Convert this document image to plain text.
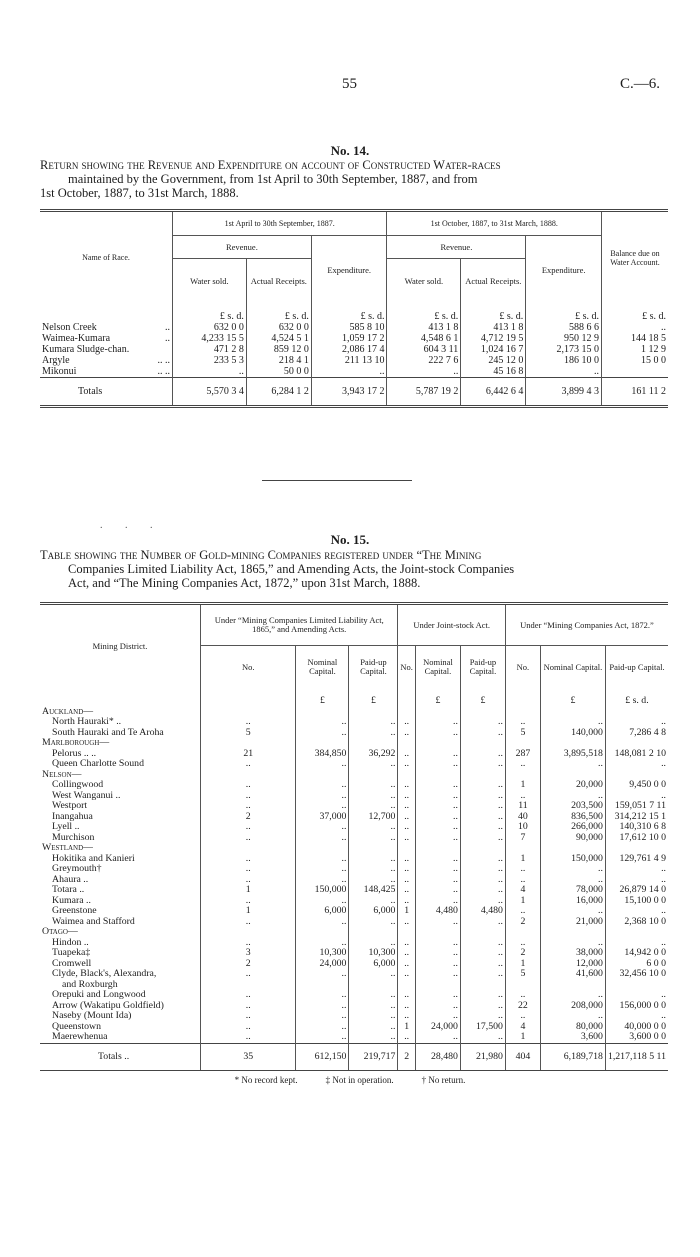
55	C.—6.
No. 14.
Return showing the Revenue and Expenditure on account of Constructed Water-races
maintained by the Government, from 1st April to 30th September, 1887, and from
1st October, 1887, to 31st March, 1888.
Name of Race.	1st April to 30th September, 1887.			1st October, 1887, to 31st March, 1888.			Balance due on Water Account.
	Revenue.		Expenditure.	Revenue.		Expenditure.	
	Water sold.	Actual Receipts.		Water sold.	Actual Receipts.		
	£ s. d.	£ s. d.	£ s. d.	£ s. d.	£ s. d.	£ s. d.	£ s. d.
Nelson Creek ..	632 0 0	632 0 0	585 8 10	413 1 8	413 1 8	588 6 6	..
Waimea-Kumara ..	4,233 15 5	4,524 5 1	1,059 17 2	4,548 6 1	4,712 19 5	950 12 9	144 18 5
Kumara Sludge-chan.	471 2 8	859 12 0	2,086 17 4	604 3 11	1,024 16 7	2,173 15 0	1 12 9
Argyle .. ..	233 5 3	218 4 1	211 13 10	222 7 6	245 12 0	186 10 0	15 0 0
Mikonui .. ..	..	50 0 0	..	..	45 16 8	..	
Totals	5,570 3 4	6,284 1 2	3,943 17 2	5,787 19 2	6,442 6 4	3,899 4 3	161 11 2
. . .
No. 15.
Table showing the Number of Gold-mining Companies registered under “The Mining
Companies Limited Liability Act, 1865,” and Amending Acts, the Joint-stock Companies
Act, and “The Mining Companies Act, 1872,” upon 31st March, 1888.
Mining District.	Under “Mining Companies Limited Liability Act, 1865,” and Amending Acts.			Under Joint-stock Act.			Under “Mining Companies Act, 1872.”		
	No.	Nominal Capital.	Paid-up Capital.	No.	Nominal Capital.	Paid-up Capital.	No.	Nominal Capital.	Paid-up Capital.
		£	£		£	£		£	£ s. d.
Auckland—									
North Hauraki* ..	..	..	..	..	..	..	..	..	..
South Hauraki and Te Aroha	5	..	..	..	..	..	5	140,000	7,286 4 8
Marlborough—									
Pelorus .. ..	21	384,850	36,292	..	..	..	287	3,895,518	148,081 2 10
Queen Charlotte Sound	..	..	..	..	..	..	..	..	..
Nelson—									
Collingwood	..	..	..	..	..	..	1	20,000	9,450 0 0
West Wanganui ..	..	..	..	..	..	..	..	..	..
Westport	..	..	..	..	..	..	11	203,500	159,051 7 11
Inangahua	2	37,000	12,700	..	..	..	40	836,500	314,212 15 1
Lyell ..	..	..	..	..	..	..	10	266,000	140,310 6 8
Murchison	..	..	..	..	..	..	7	90,000	17,612 10 0
Westland—									
Hokitika and Kanieri	..	..	..	..	..	..	1	150,000	129,761 4 9
Greymouth†	..	..	..	..	..	..	..	..	..
Ahaura ..	..	..	..	..	..	..	..	..	..
Totara ..	1	150,000	148,425	..	..	..	4	78,000	26,879 14 0
Kumara ..	..	..	..	..	..	..	1	16,000	15,100 0 0
Greenstone	1	6,000	6,000	1	4,480	4,480	..	..	..
Waimea and Stafford	..	..	..	..	..	..	2	21,000	2,368 10 0
Otago—									
Hindon ..	..	..	..	..	..	..	..	..	..
Tuapeka‡	3	10,300	10,300	..	..	..	2	38,000	14,942 0 0
Cromwell	2	24,000	6,000	..	..	..	1	12,000	6 0 0
Clyde, Black's, Alexandra,	..	..	..	..	..	..	5	41,600	32,456 10 0
and Roxburgh									
Orepuki and Longwood	..	..	..	..	..	..	..	..	..
Arrow (Wakatipu Goldfield)	..	..	..	..	..	..	22	208,000	156,000 0 0
Naseby (Mount Ida)	..	..	..	..	..	..	..	..	..
Queenstown	..	..	..	1	24,000	17,500	4	80,000	40,000 0 0
Maerewhenua	..	..	..	..	..	..	1	3,600	3,600 0 0
Totals ..	35	612,150	219,717	2	28,480	21,980	404	6,189,718	1,217,118 5 11
* No record kept.	‡ Not in operation.	† No return.
